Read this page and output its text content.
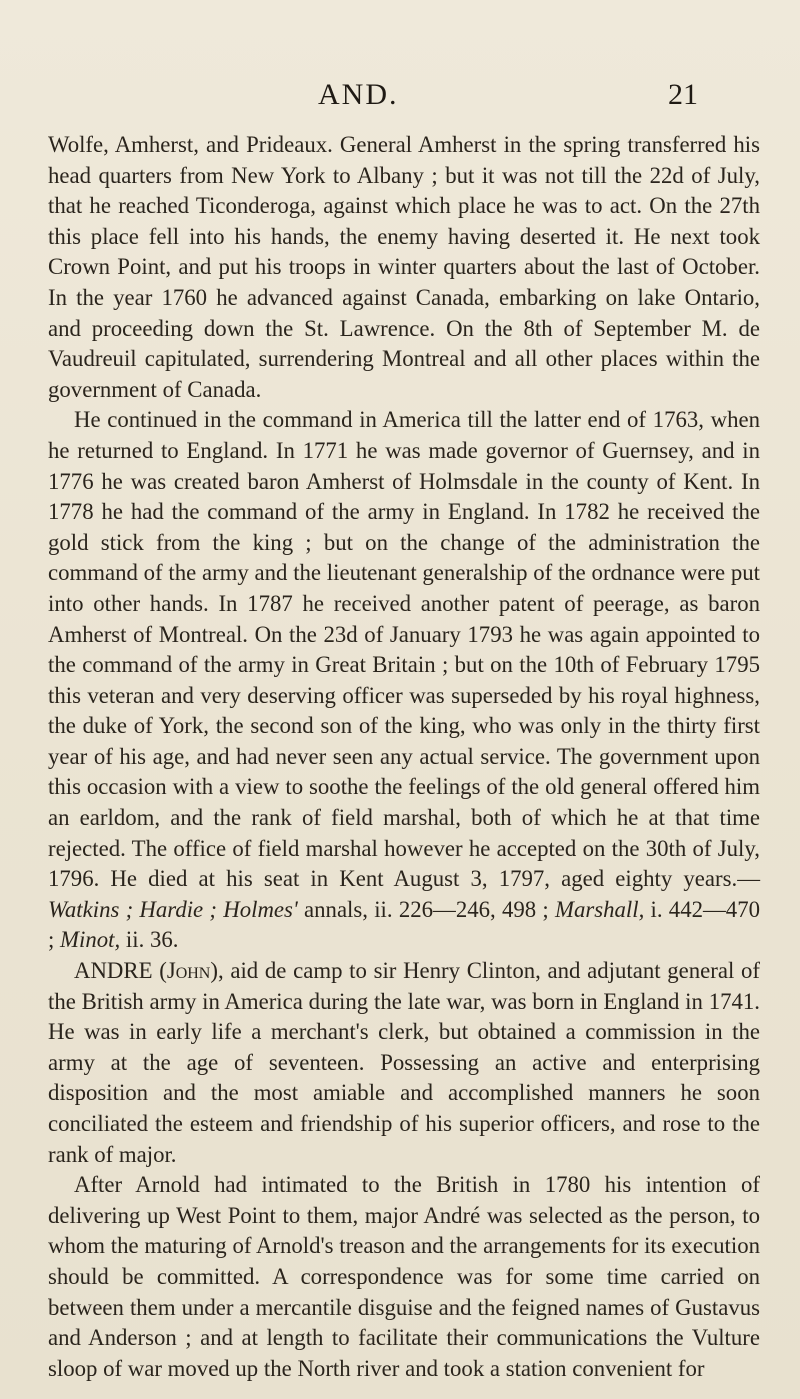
AND.	21

Wolfe, Amherst, and Prideaux. General Amherst in the spring transferred his head quarters from New York to Albany ; but it was not till the 22d of July, that he reached Ticonderoga, against which place he was to act. On the 27th this place fell into his hands, the enemy having deserted it. He next took Crown Point, and put his troops in winter quarters about the last of October. In the year 1760 he advanced against Canada, embarking on lake Ontario, and proceeding down the St. Lawrence. On the 8th of September M. de Vaudreuil capitulated, surrendering Montreal and all other places within the government of Canada.

He continued in the command in America till the latter end of 1763, when he returned to England. In 1771 he was made governor of Guernsey, and in 1776 he was created baron Amherst of Holmsdale in the county of Kent. In 1778 he had the command of the army in England. In 1782 he received the gold stick from the king ; but on the change of the administration the command of the army and the lieutenant generalship of the ordnance were put into other hands. In 1787 he received another patent of peerage, as baron Amherst of Montreal. On the 23d of January 1793 he was again appointed to the command of the army in Great Britain ; but on the 10th of February 1795 this veteran and very deserving officer was superseded by his royal highness, the duke of York, the second son of the king, who was only in the thirty first year of his age, and had never seen any actual service. The government upon this occasion with a view to soothe the feelings of the old general offered him an earldom, and the rank of field marshal, both of which he at that time rejected. The office of field marshal however he accepted on the 30th of July, 1796. He died at his seat in Kent August 3, 1797, aged eighty years.—Watkins ; Hardie ; Holmes' annals, ii. 226—246, 498 ; Marshall, i. 442—470 ; Minot, ii. 36.

ANDRE (John), aid de camp to sir Henry Clinton, and adjutant general of the British army in America during the late war, was born in England in 1741. He was in early life a merchant's clerk, but obtained a commission in the army at the age of seventeen. Possessing an active and enterprising disposition and the most amiable and accomplished manners he soon conciliated the esteem and friendship of his superior officers, and rose to the rank of major.

After Arnold had intimated to the British in 1780 his intention of delivering up West Point to them, major André was selected as the person, to whom the maturing of Arnold's treason and the arrangements for its execution should be committed. A correspondence was for some time carried on between them under a mercantile disguise and the feigned names of Gustavus and Anderson ; and at length to facilitate their communications the Vulture sloop of war moved up the North river and took a station convenient for
